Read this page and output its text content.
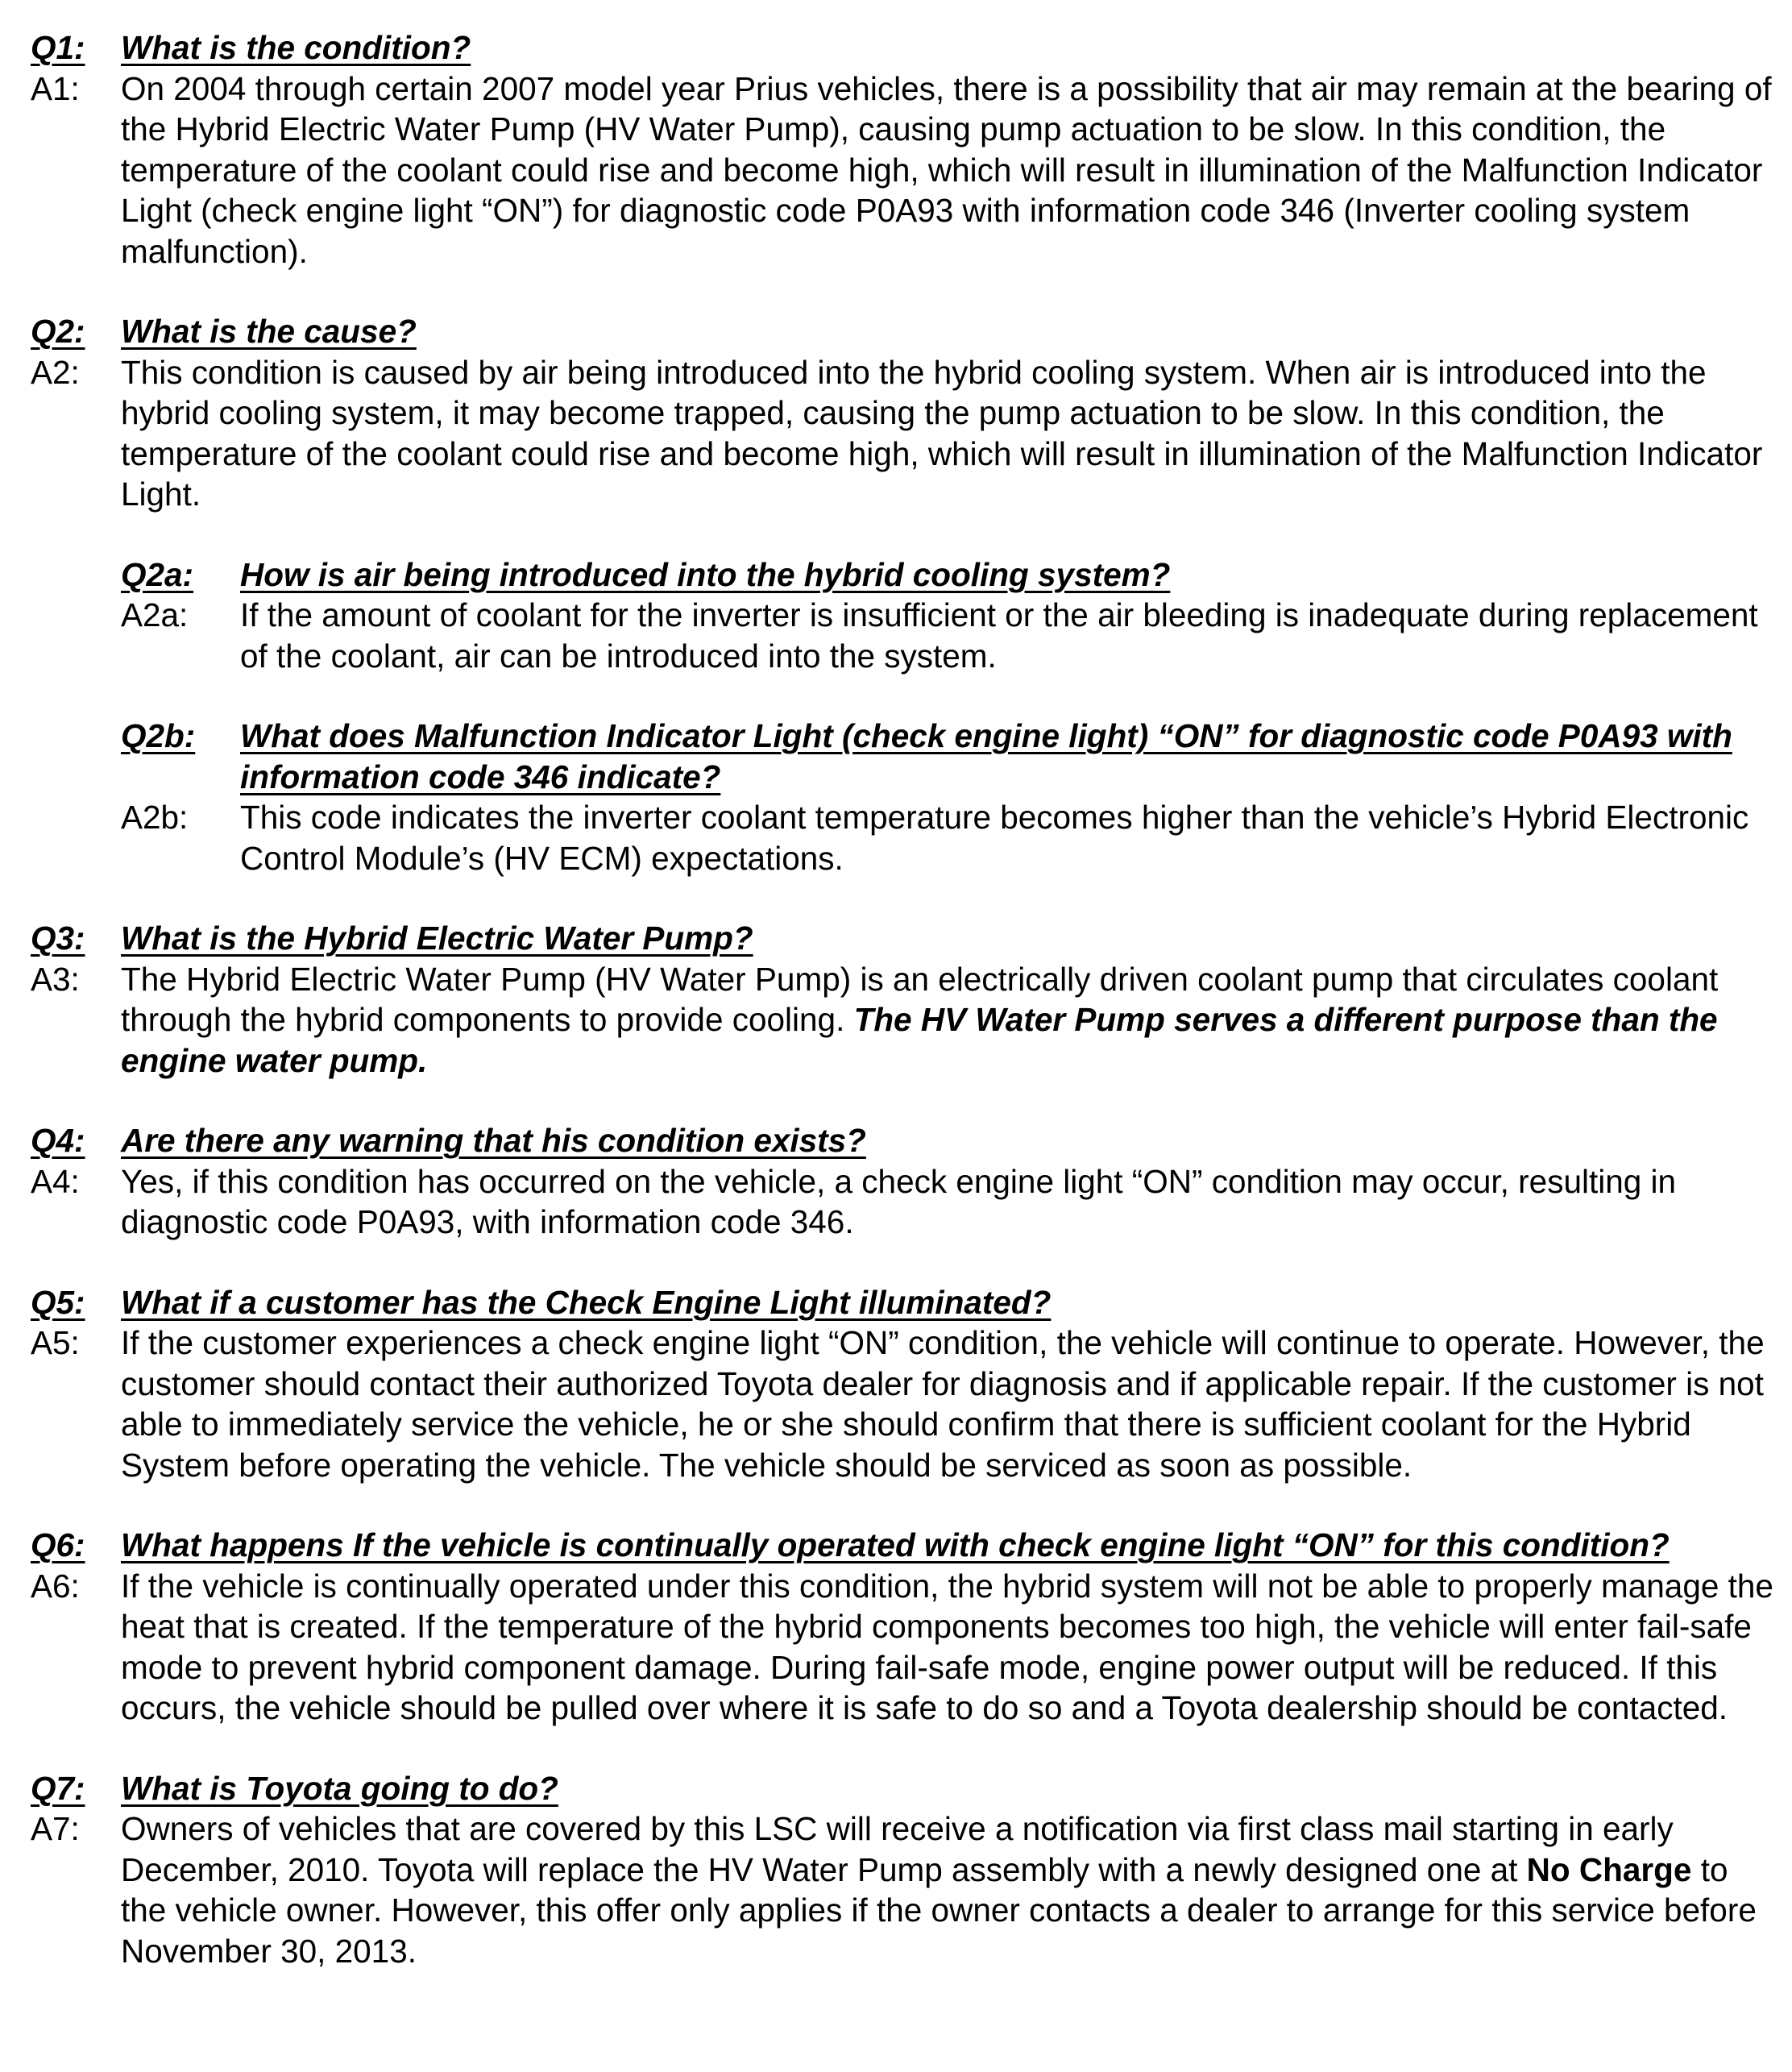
Q1:	What is the condition?
A1:	On 2004 through certain 2007 model year Prius vehicles, there is a possibility that air may remain at the bearing of the Hybrid Electric Water Pump (HV Water Pump), causing pump actuation to be slow. In this condition, the temperature of the coolant could rise and become high, which will result in illumination of the Malfunction Indicator Light (check engine light “ON”) for diagnostic code P0A93 with information code 346 (Inverter cooling system malfunction).
Q2:	What is the cause?
A2:	This condition is caused by air being introduced into the hybrid cooling system. When air is introduced into the hybrid cooling system, it may become trapped, causing the pump actuation to be slow. In this condition, the temperature of the coolant could rise and become high, which will result in illumination of the Malfunction Indicator Light.
Q2a:	How is air being introduced into the hybrid cooling system?
A2a:	If the amount of coolant for the inverter is insufficient or the air bleeding is inadequate during replacement of the coolant, air can be introduced into the system.
Q2b:	What does Malfunction Indicator Light (check engine light) “ON” for diagnostic code P0A93 with information code 346 indicate?
A2b:	This code indicates the inverter coolant temperature becomes higher than the vehicle’s Hybrid Electronic Control Module’s (HV ECM) expectations.
Q3:	What is the Hybrid Electric Water Pump?
A3:	The Hybrid Electric Water Pump (HV Water Pump) is an electrically driven coolant pump that circulates coolant through the hybrid components to provide cooling. The HV Water Pump serves a different purpose than the engine water pump.
Q4:	Are there any warning that his condition exists?
A4:	Yes, if this condition has occurred on the vehicle, a check engine light “ON” condition may occur, resulting in diagnostic code P0A93, with information code 346.
Q5:	What if a customer has the Check Engine Light illuminated?
A5:	If the customer experiences a check engine light “ON” condition, the vehicle will continue to operate. However, the customer should contact their authorized Toyota dealer for diagnosis and if applicable repair. If the customer is not able to immediately service the vehicle, he or she should confirm that there is sufficient coolant for the Hybrid System before operating the vehicle. The vehicle should be serviced as soon as possible.
Q6:	What happens If the vehicle is continually operated with check engine light “ON” for this condition?
A6:	If the vehicle is continually operated under this condition, the hybrid system will not be able to properly manage the heat that is created. If the temperature of the hybrid components becomes too high, the vehicle will enter fail-safe mode to prevent hybrid component damage. During fail-safe mode, engine power output will be reduced. If this occurs, the vehicle should be pulled over where it is safe to do so and a Toyota dealership should be contacted.
Q7:	What is Toyota going to do?
A7:	Owners of vehicles that are covered by this LSC will receive a notification via first class mail starting in early December, 2010. Toyota will replace the HV Water Pump assembly with a newly designed one at No Charge to the vehicle owner. However, this offer only applies if the owner contacts a dealer to arrange for this service before November 30, 2013.
